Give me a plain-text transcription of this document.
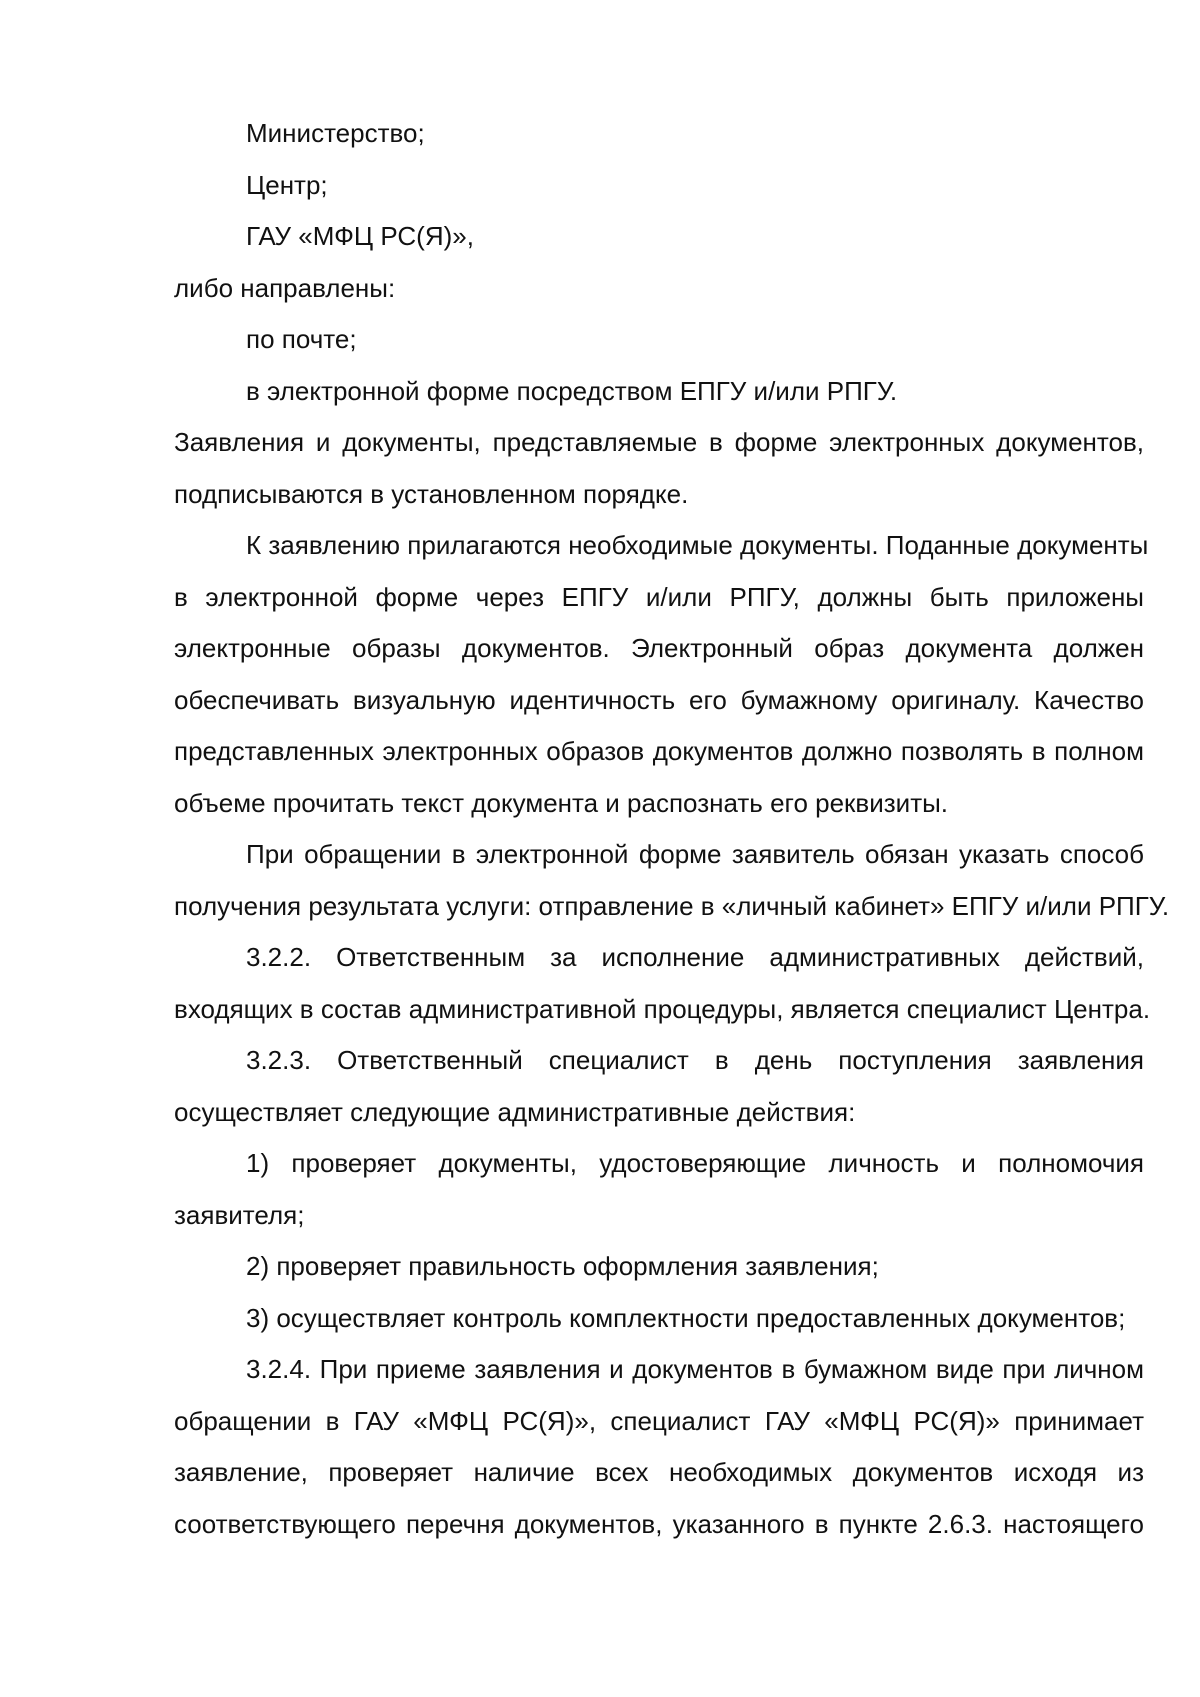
Министерство;
Центр;
ГАУ «МФЦ РС(Я)»,
либо направлены:
по почте;
в электронной форме посредством ЕПГУ и/или РПГУ.
Заявления и документы, представляемые в форме электронных документов,
подписываются в установленном порядке.
К заявлению прилагаются необходимые документы. Поданные документы
в электронной форме через ЕПГУ и/или РПГУ, должны быть приложены
электронные образы документов. Электронный образ документа должен
обеспечивать визуальную идентичность его бумажному оригиналу. Качество
представленных электронных образов документов должно позволять в полном
объеме прочитать текст документа и распознать его реквизиты.
При обращении в электронной форме заявитель обязан указать способ
получения результата услуги: отправление в «личный кабинет» ЕПГУ и/или РПГУ.
3.2.2. Ответственным за исполнение административных действий,
входящих в состав административной процедуры, является специалист Центра.
3.2.3. Ответственный специалист в день поступления заявления
осуществляет следующие административные действия:
1) проверяет документы, удостоверяющие личность и полномочия
заявителя;
2) проверяет правильность оформления заявления;
3) осуществляет контроль комплектности предоставленных документов;
3.2.4. При приеме заявления и документов в бумажном виде при личном
обращении в ГАУ «МФЦ РС(Я)», специалист ГАУ «МФЦ РС(Я)» принимает
заявление, проверяет наличие всех необходимых документов исходя из
соответствующего перечня документов, указанного в пункте 2.6.3. настоящего
